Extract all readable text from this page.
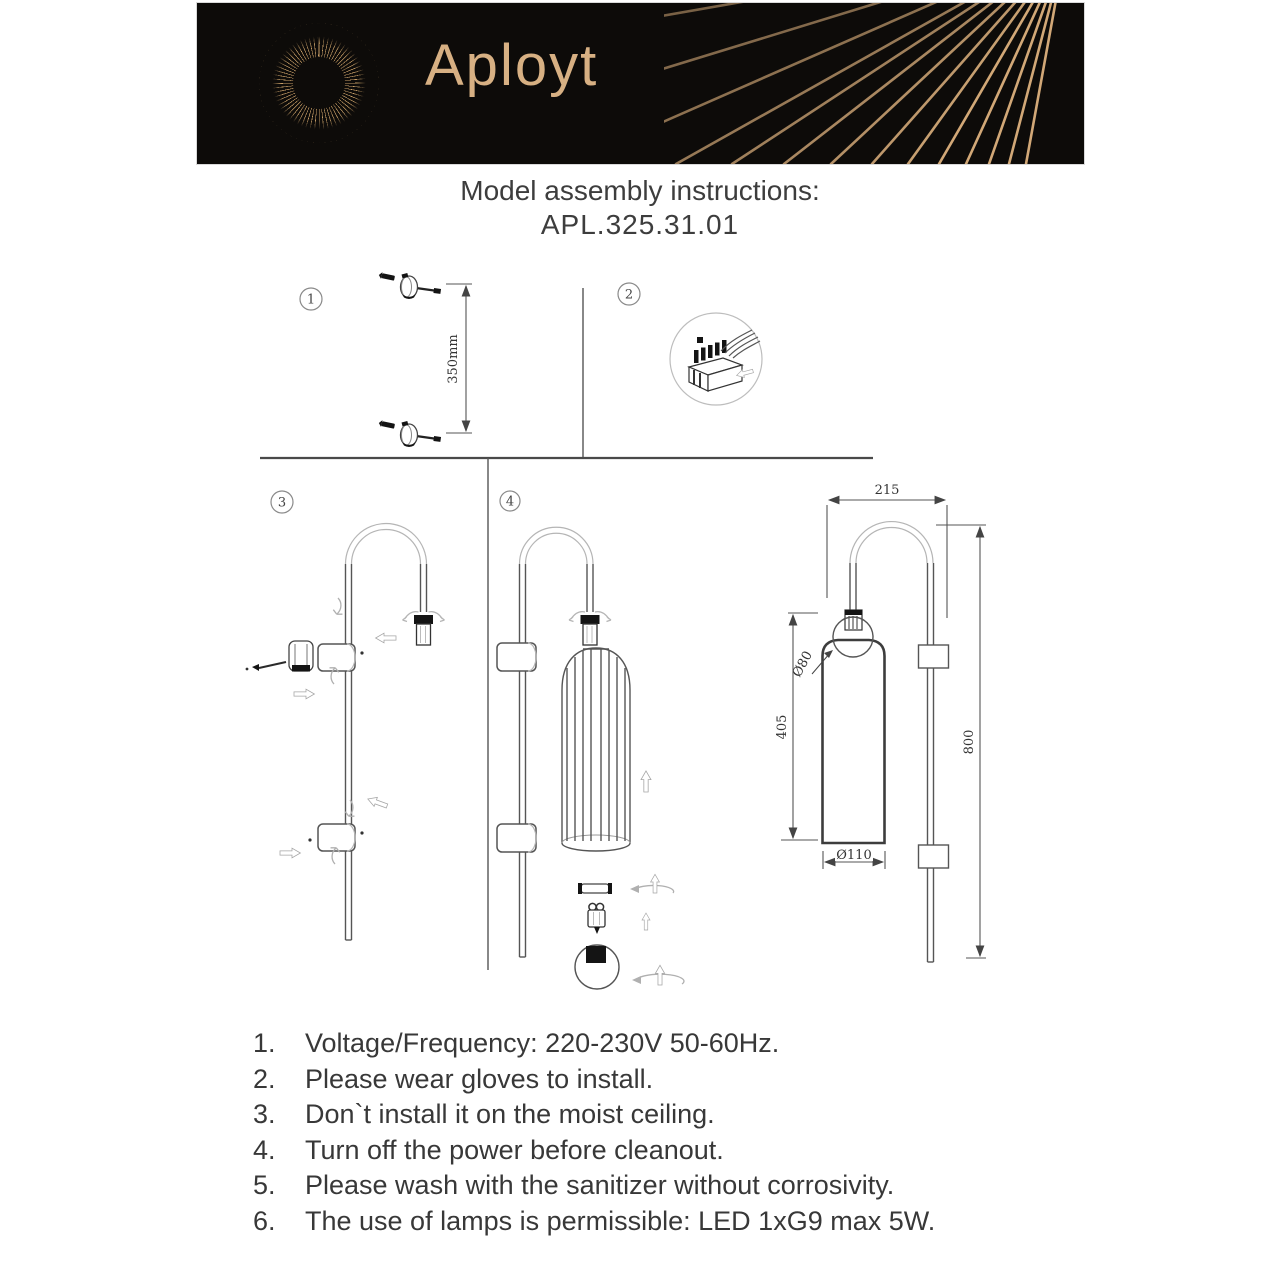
Aployt
Model assembly instructions:
APL.325.31.01
1
350mm
2
3	4
215
Ø80
405
Ø110
800
1.	Voltage/Frequency: 220-230V 50-60Hz.
2.	Please wear gloves to install.
3.	Don`t install it on the moist ceiling.
4.	Turn off the power before cleanout.
5.	Please wash with the sanitizer without corrosivity.
6.	The use of lamps is permissible: LED 1xG9 max 5W.
